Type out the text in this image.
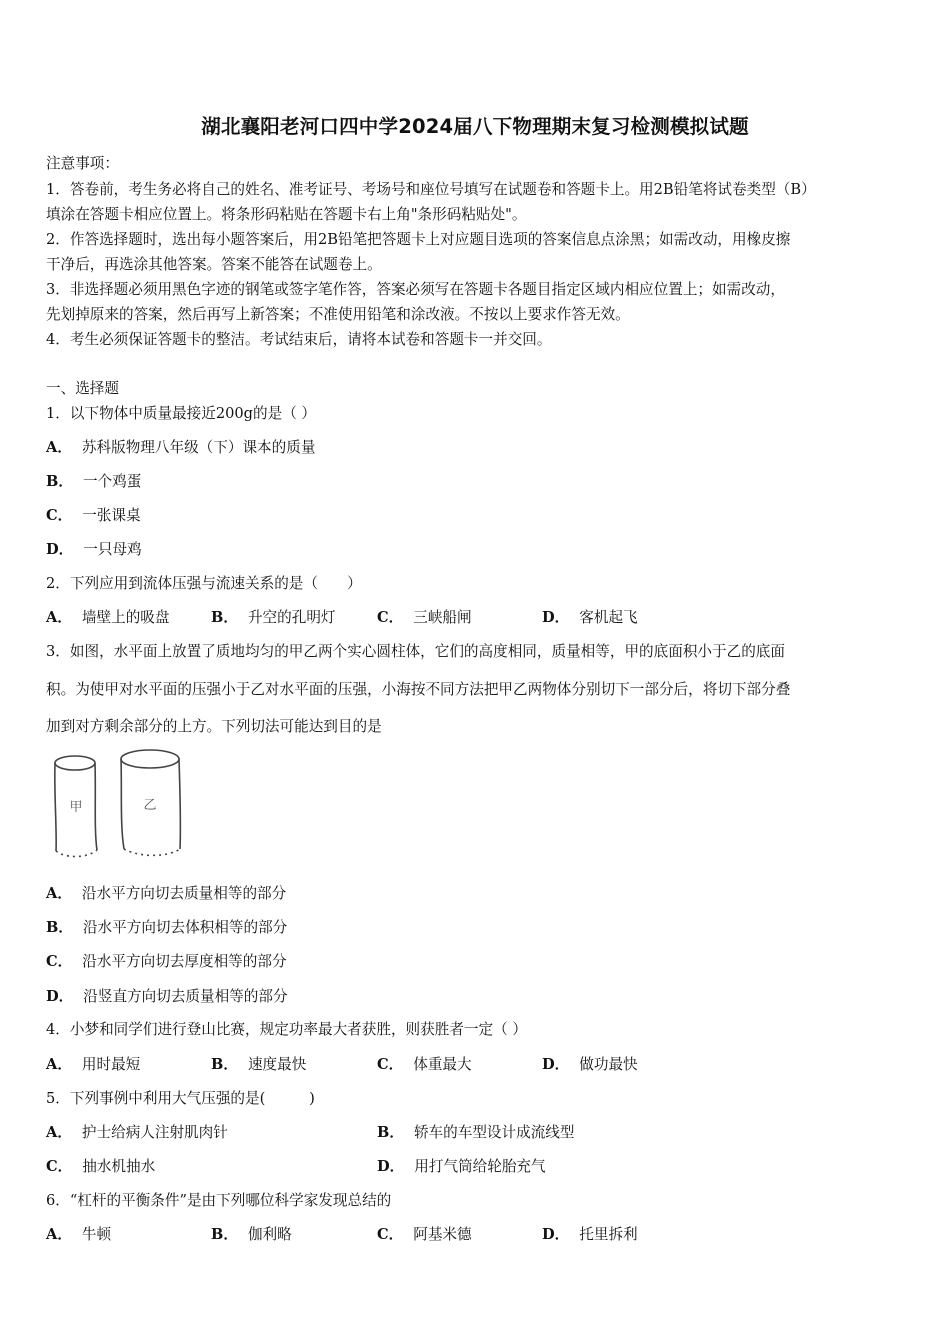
湖北襄阳老河口四中学2024届八下物理期末复习检测模拟试题
注意事项：
1．答卷前，考生务必将自己的姓名、准考证号、考场号和座位号填写在试题卷和答题卡上。用2B铅笔将试卷类型（B）
填涂在答题卡相应位置上。将条形码粘贴在答题卡右上角"条形码粘贴处"。
2．作答选择题时，选出每小题答案后，用2B铅笔把答题卡上对应题目选项的答案信息点涂黑；如需改动，用橡皮擦
干净后，再选涂其他答案。答案不能答在试题卷上。
3．非选择题必须用黑色字迹的钢笔或签字笔作答，答案必须写在答题卡各题目指定区域内相应位置上；如需改动，
先划掉原来的答案，然后再写上新答案；不准使用铅笔和涂改液。不按以上要求作答无效。
4．考生必须保证答题卡的整洁。考试结束后，请将本试卷和答题卡一并交回。
一、选择题
1．以下物体中质量最接近200g的是（ ）
A． 苏科版物理八年级（下）课本的质量
B． 一个鸡蛋
C． 一张课桌
D． 一只母鸡
2．下列应用到流体压强与流速关系的是（　　）
A． 墙壁上的吸盘	B． 升空的孔明灯	C． 三峡船闸	D． 客机起飞
3．如图，水平面上放置了质地均匀的甲乙两个实心圆柱体，它们的高度相同，质量相等，甲的底面积小于乙的底面
积。为使甲对水平面的压强小于乙对水平面的压强，小海按不同方法把甲乙两物体分别切下一部分后，将切下部分叠
加到对方剩余部分的上方。下列切法可能达到目的是
甲	乙
A． 沿水平方向切去质量相等的部分
B． 沿水平方向切去体积相等的部分
C． 沿水平方向切去厚度相等的部分
D． 沿竖直方向切去质量相等的部分
4．小梦和同学们进行登山比赛，规定功率最大者获胜，则获胜者一定（ ）
A． 用时最短	B． 速度最快	C． 体重最大	D． 做功最快
5．下列事例中利用大气压强的是(　　　)
A． 护士给病人注射肌肉针	B． 轿车的车型设计成流线型
C． 抽水机抽水	D． 用打气筒给轮胎充气
6．“杠杆的平衡条件”是由下列哪位科学家发现总结的
A． 牛顿	B． 伽利略	C． 阿基米德	D． 托里拆利
